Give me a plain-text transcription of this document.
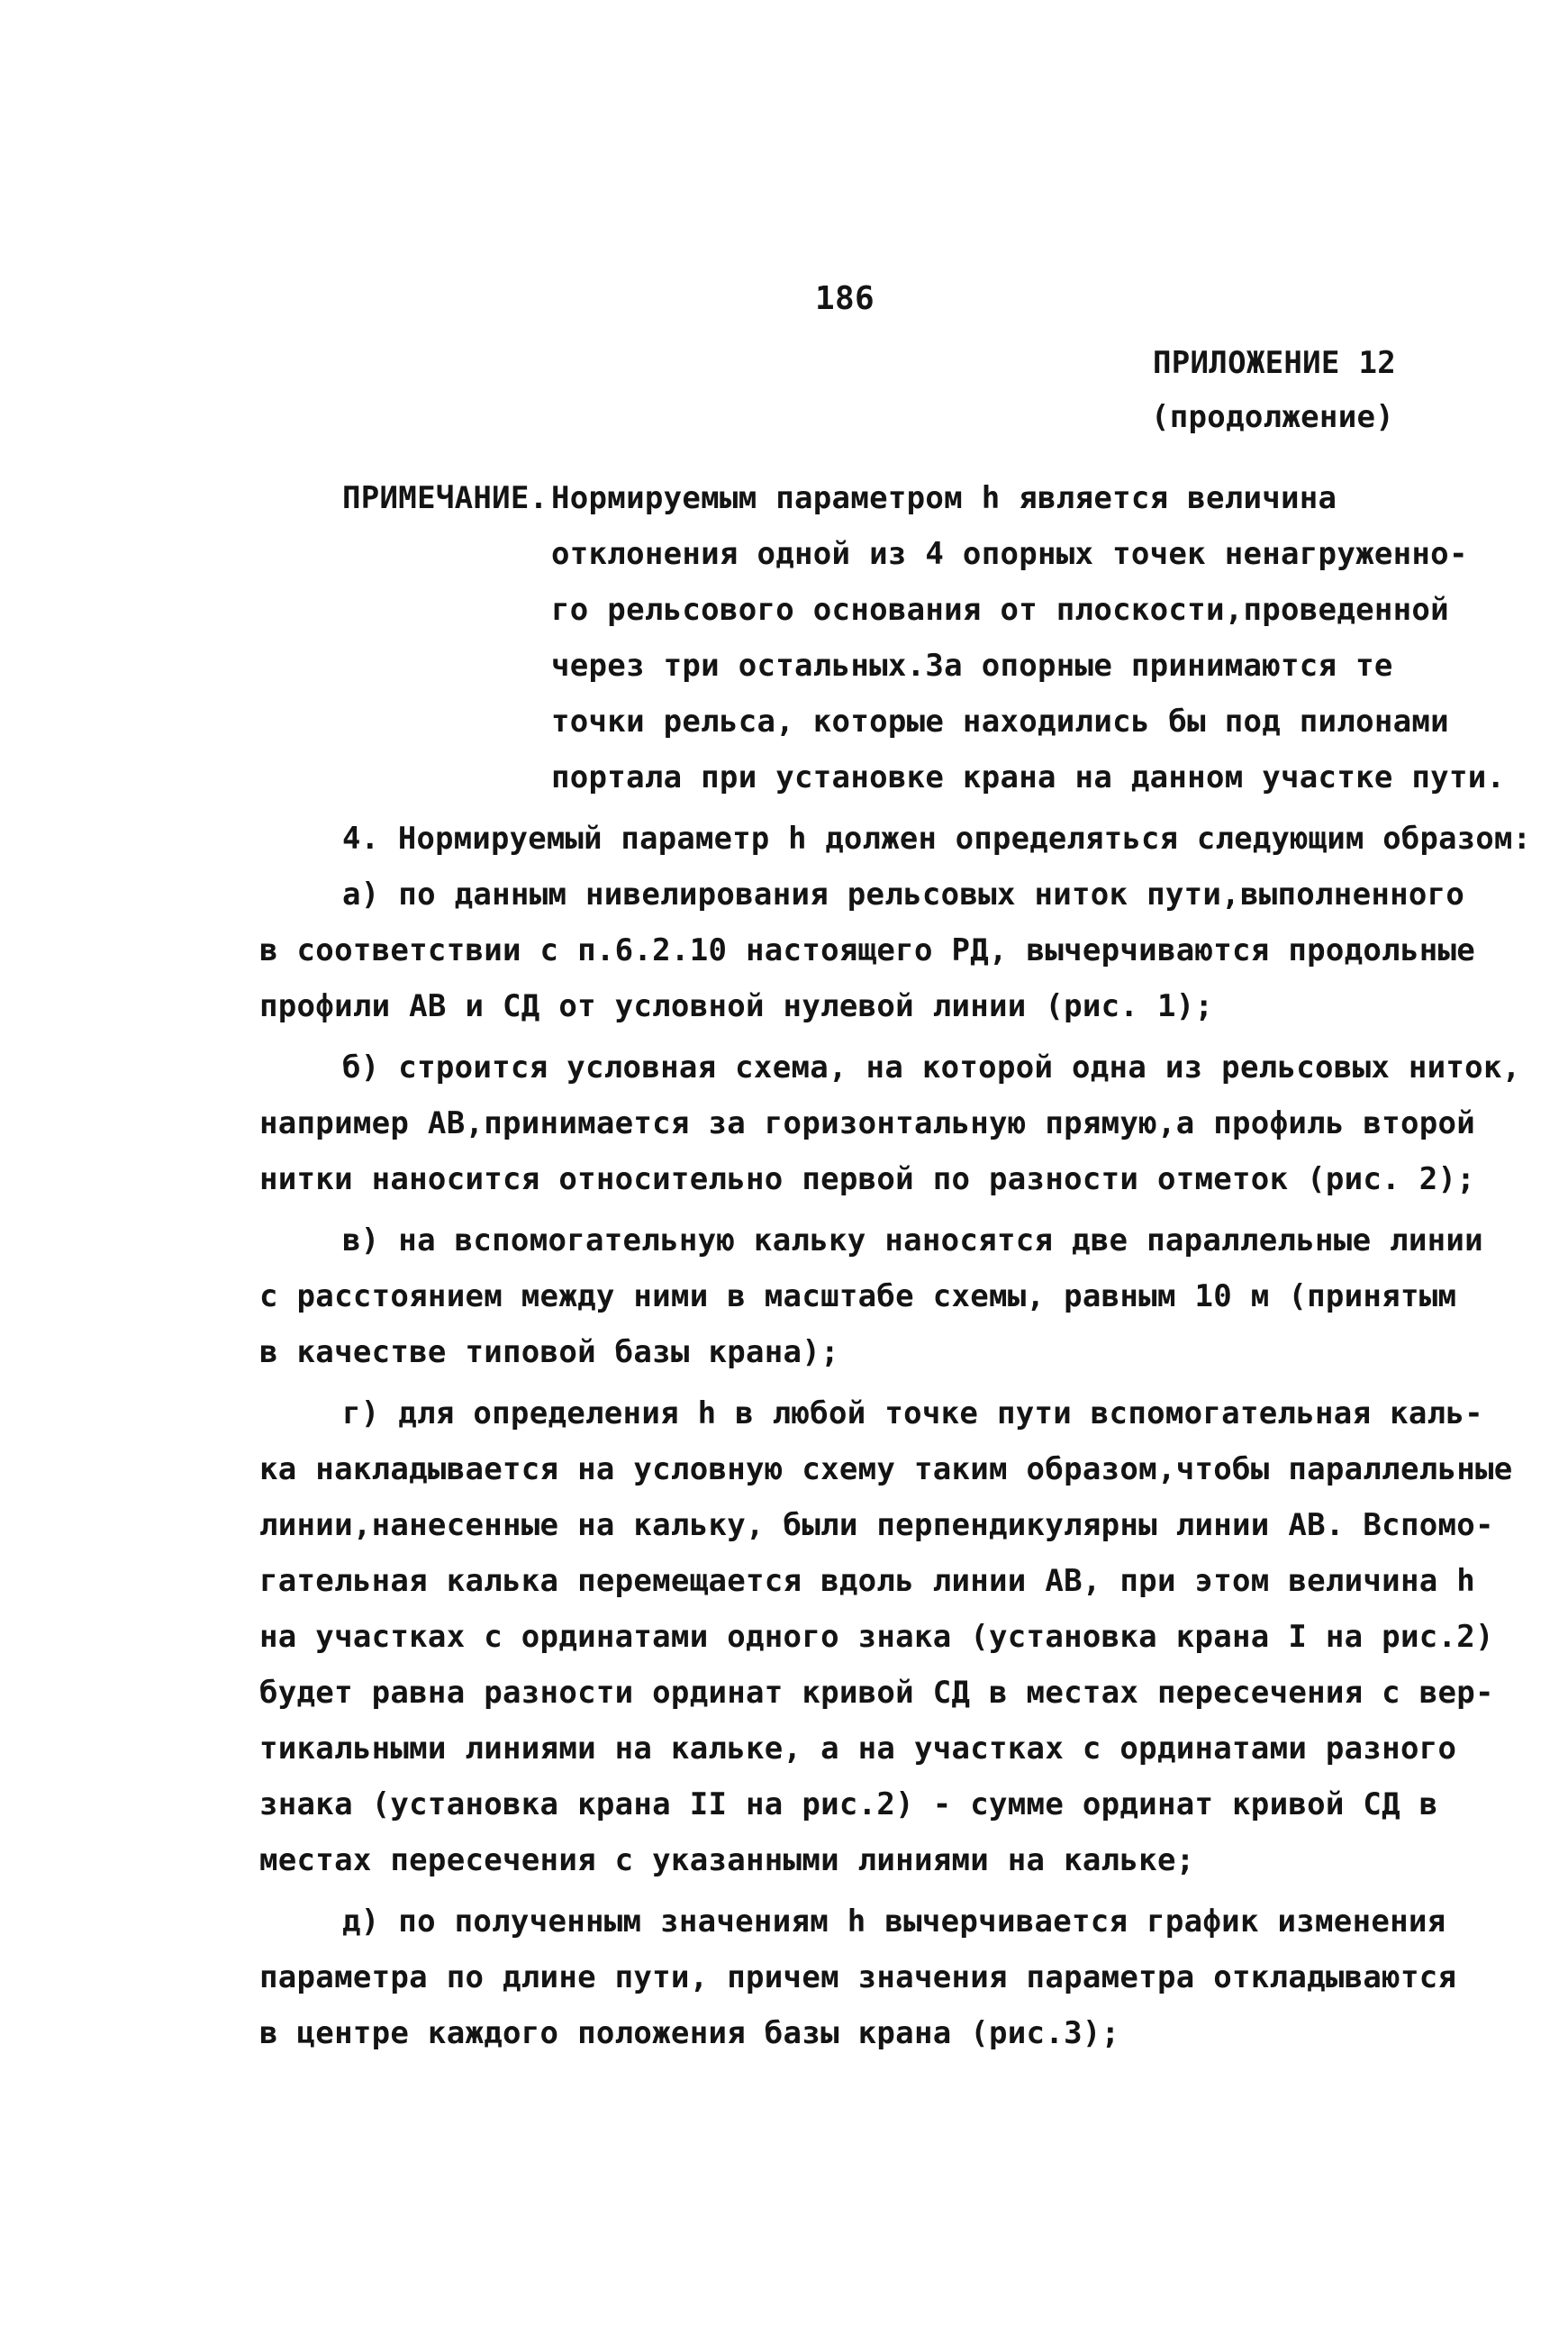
186
ПРИЛОЖЕНИЕ 12
(продолжение)
ПРИМЕЧАНИЕ. Нормируемым параметром h является величина
отклонения одной из 4 опорных точек ненагруженно-
го рельсового основания от плоскости,проведенной
через три остальных.За опорные принимаются те
точки рельса, которые находились бы под пилонами
портала при установке крана на данном участке пути.
4. Нормируемый параметр h должен определяться следующим образом:
а) по данным нивелирования рельсовых ниток пути,выполненного
в соответствии с п.6.2.10 настоящего РД, вычерчиваются продольные
профили АВ и СД от условной нулевой линии (рис. 1);
б) строится условная схема, на которой одна из рельсовых ниток,
например АВ,принимается за горизонтальную прямую,а профиль второй
нитки наносится относительно первой по разности отметок (рис. 2);
в) на вспомогательную кальку наносятся две параллельные линии
с расстоянием между ними в масштабе схемы, равным 10 м (принятым
в качестве типовой базы крана);
г) для определения h в любой точке пути вспомогательная каль-
ка накладывается на условную схему таким образом,чтобы параллельные
линии,нанесенные на кальку, были перпендикулярны линии АВ. Вспомо-
гательная калька перемещается вдоль линии АВ, при этом величина h
на участках с ординатами одного знака (установка крана I на рис.2)
будет равна разности ординат кривой СД в местах пересечения с вер-
тикальными линиями на кальке, а на участках с ординатами разного
знака (установка крана II на рис.2) - сумме ординат кривой СД в
местах пересечения с указанными линиями на кальке;
д) по полученным значениям h вычерчивается график изменения
параметра по длине пути, причем значения параметра откладываются
в центре каждого положения базы крана (рис.3);
